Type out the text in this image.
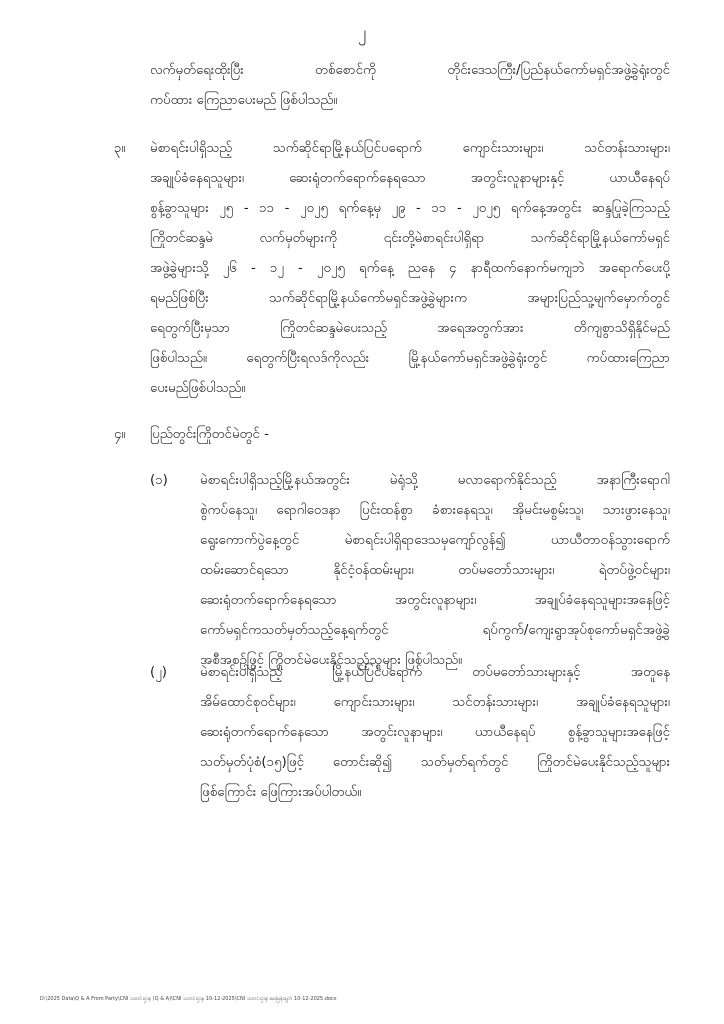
၂
လက်မှတ်ရေးထိုးပြီး တစ်စောင်ကို တိုင်းဒေသကြီး/ပြည်နယ်ကော်မရှင်အဖွဲ့ခွဲရုံးတွင်
ကပ်ထား ကြေညာပေးမည် ဖြစ်ပါသည်။
၃။ မဲစာရင်းပါရှိသည့် သက်ဆိုင်ရာမြို့နယ်ပြင်ပရောက် ကျောင်းသားများ၊ သင်တန်းသားများ၊
အချုပ်ခံနေရသူများ၊ ဆေးရုံတက်ရောက်နေရသော အတွင်းလူနာများနှင့် ယာယီနေရပ်
စွန့်ခွာသူများ ၂၅ - ၁၁ - ၂၀၂၅ ရက်နေ့မှ ၂၉ - ၁၁ - ၂၀၂၅ ရက်နေ့အတွင်း ဆန္ဒပြုခဲ့ကြသည့်
ကြိုတင်ဆန္ဒမဲ လက်မှတ်များကို ၎င်းတို့မဲစာရင်းပါရှိရာ သက်ဆိုင်ရာမြို့နယ်ကော်မရှင်
အဖွဲ့ခွဲများသို့ ၂၆ - ၁၂ - ၂၀၂၅ ရက်နေ့ ညနေ ၄ နာရီထက်နောက်မကျဘဲ အရောက်ပေးပို့
ရမည်ဖြစ်ပြီး သက်ဆိုင်ရာမြို့နယ်ကော်မရှင်အဖွဲ့ခွဲများက အများပြည်သူ့မျက်မှောက်တွင်
ရေတွက်ပြီးမှသာ ကြိုတင်ဆန္ဒမဲပေးသည့် အရေအတွက်အား တိကျစွာသိရှိနိုင်မည်
ဖြစ်ပါသည်။ ရေတွက်ပြီးရလဒ်ကိုလည်း မြို့နယ်ကော်မရှင်အဖွဲ့ခွဲရုံးတွင် ကပ်ထားကြေညာ
ပေးမည်ဖြစ်ပါသည်။
၄။ ပြည်တွင်းကြိုတင်မဲတွင် -
(၁) မဲစာရင်းပါရှိသည့်မြို့နယ်အတွင်း မဲရုံသို့ မလာရောက်နိုင်သည့် အနာကြီးရောဂါ
စွဲကပ်နေသူ၊ ရောဂါဝေဒနာ ပြင်းထန်စွာ ခံစားနေရသူ၊ အိုမင်းမစွမ်းသူ၊ သားဖွားနေသူ၊
ရွေးကောက်ပွဲနေ့တွင် မဲစာရင်းပါရှိရာဒေသမှကျော်လွန်၍ ယာယီတာဝန်သွားရောက်
ထမ်းဆောင်ရသော နိုင်ငံ့ဝန်ထမ်းများ၊ တပ်မတော်သားများ၊ ရဲတပ်ဖွဲ့ဝင်များ၊
ဆေးရုံတက်ရောက်နေရသော အတွင်းလူနာများ၊ အချုပ်ခံနေရသူများအနေဖြင့်
ကော်မရှင်ကသတ်မှတ်သည့်နေ့ရက်တွင် ရပ်ကွက်/ကျေးရွာအုပ်စုကော်မရှင်အဖွဲ့ခွဲ
အစီအစဉ်ဖြင့် ကြိုတင်မဲပေးနိုင်သည့်သူများ ဖြစ်ပါသည်။
(၂) မဲစာရင်းပါရှိသည့် မြို့နယ်ပြင်ပရောက် တပ်မတော်သားများနှင့် အတူနေ
အိမ်ထောင်စုဝင်များ၊ ကျောင်းသားများ၊ သင်တန်းသားများ၊ အချုပ်ခံနေရသူများ၊
ဆေးရုံတက်ရောက်နေသော အတွင်းလူနာများ၊ ယာယီနေရပ် စွန့်ခွာသူများအနေဖြင့်
သတ်မှတ်ပုံစံ(၁၅)ဖြင့် တောင်းဆို၍ သတ်မှတ်ရက်တွင် ကြိုတင်မဲပေးနိုင်သည့်သူများ
ဖြစ်ကြောင်း ဖြေကြားအပ်ပါတယ်။
D:\2025 Data\Q & A From Party\CNI သတင်းဌာန (Q & A)\CNI သတင်းဌာန 10-12-2025\CNI သတင်းဌာန မေးမြန်းချက် 10-12-2025.docx
